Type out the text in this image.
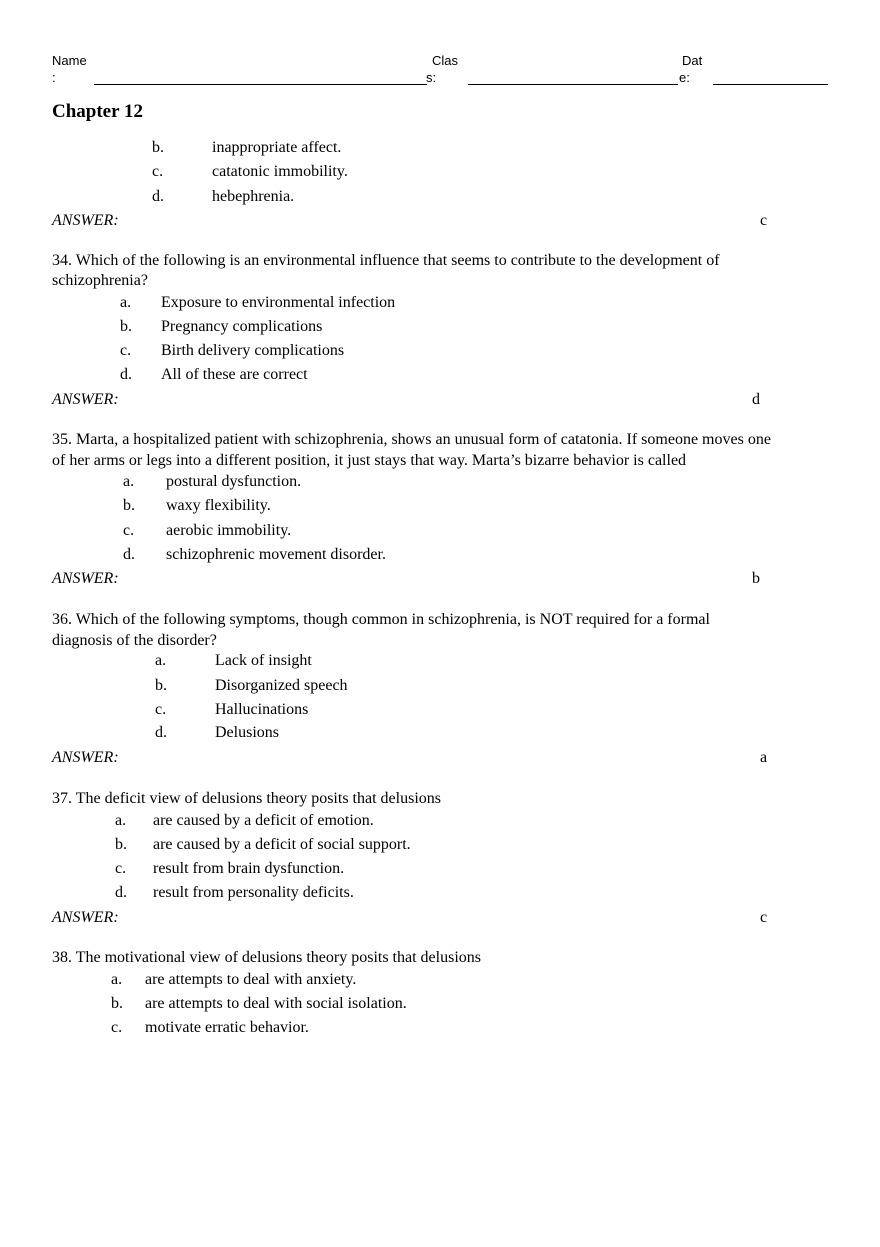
Name
:
Clas
s:
Dat
e:
Chapter 12
b.	inappropriate affect.
c.	catatonic immobility.
d.	hebephrenia.
ANSWER:	c
34. Which of the following is an environmental influence that seems to contribute to the development of
schizophrenia?
a. Exposure to environmental infection
b. Pregnancy complications
c. Birth delivery complications
d. All of these are correct
ANSWER:	d
35. Marta, a hospitalized patient with schizophrenia, shows an unusual form of catatonia. If someone moves one
of her arms or legs into a different position, it just stays that way. Marta’s bizarre behavior is called
a. postural dysfunction.
b. waxy flexibility.
c. aerobic immobility.
d. schizophrenic movement disorder.
ANSWER:	b
36. Which of the following symptoms, though common in schizophrenia, is NOT required for a formal
diagnosis of the disorder?
a.	Lack of insight
b.	Disorganized speech
c.	Hallucinations
d.	Delusions
ANSWER:	a
37. The deficit view of delusions theory posits that delusions
a. are caused by a deficit of emotion.
b. are caused by a deficit of social support.
c. result from brain dysfunction.
d. result from personality deficits.
ANSWER:	c
38. The motivational view of delusions theory posits that delusions
a. are attempts to deal with anxiety.
b. are attempts to deal with social isolation.
c. motivate erratic behavior.
